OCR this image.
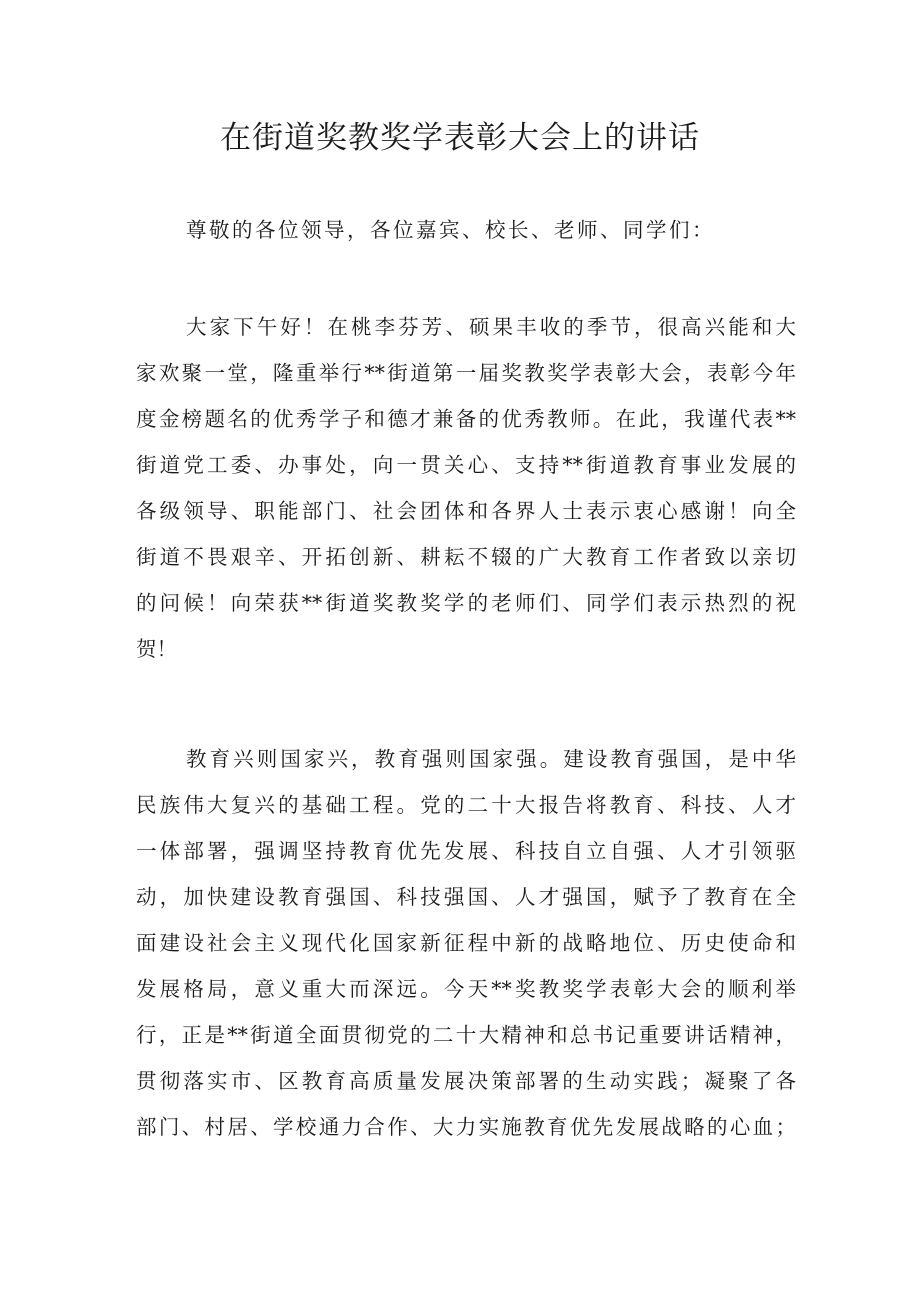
在街道奖教奖学表彰大会上的讲话

尊敬的各位领导，各位嘉宾、校长、老师、同学们：

大家下午好！在桃李芬芳、硕果丰收的季节，很高兴能和大

家欢聚一堂，隆重举行**街道第一届奖教奖学表彰大会，表彰今年

度金榜题名的优秀学子和德才兼备的优秀教师。在此，我谨代表**

街道党工委、办事处，向一贯关心、支持**街道教育事业发展的

各级领导、职能部门、社会团体和各界人士表示衷心感谢！向全

街道不畏艰辛、开拓创新、耕耘不辍的广大教育工作者致以亲切

的问候！向荣获**街道奖教奖学的老师们、同学们表示热烈的祝

贺！

教育兴则国家兴，教育强则国家强。建设教育强国，是中华

民族伟大复兴的基础工程。党的二十大报告将教育、科技、人才

一体部署，强调坚持教育优先发展、科技自立自强、人才引领驱

动，加快建设教育强国、科技强国、人才强国，赋予了教育在全

面建设社会主义现代化国家新征程中新的战略地位、历史使命和

发展格局，意义重大而深远。今天**奖教奖学表彰大会的顺利举

行，正是**街道全面贯彻党的二十大精神和总书记重要讲话精神，

贯彻落实市、区教育高质量发展决策部署的生动实践；凝聚了各

部门、村居、学校通力合作、大力实施教育优先发展战略的心血；
